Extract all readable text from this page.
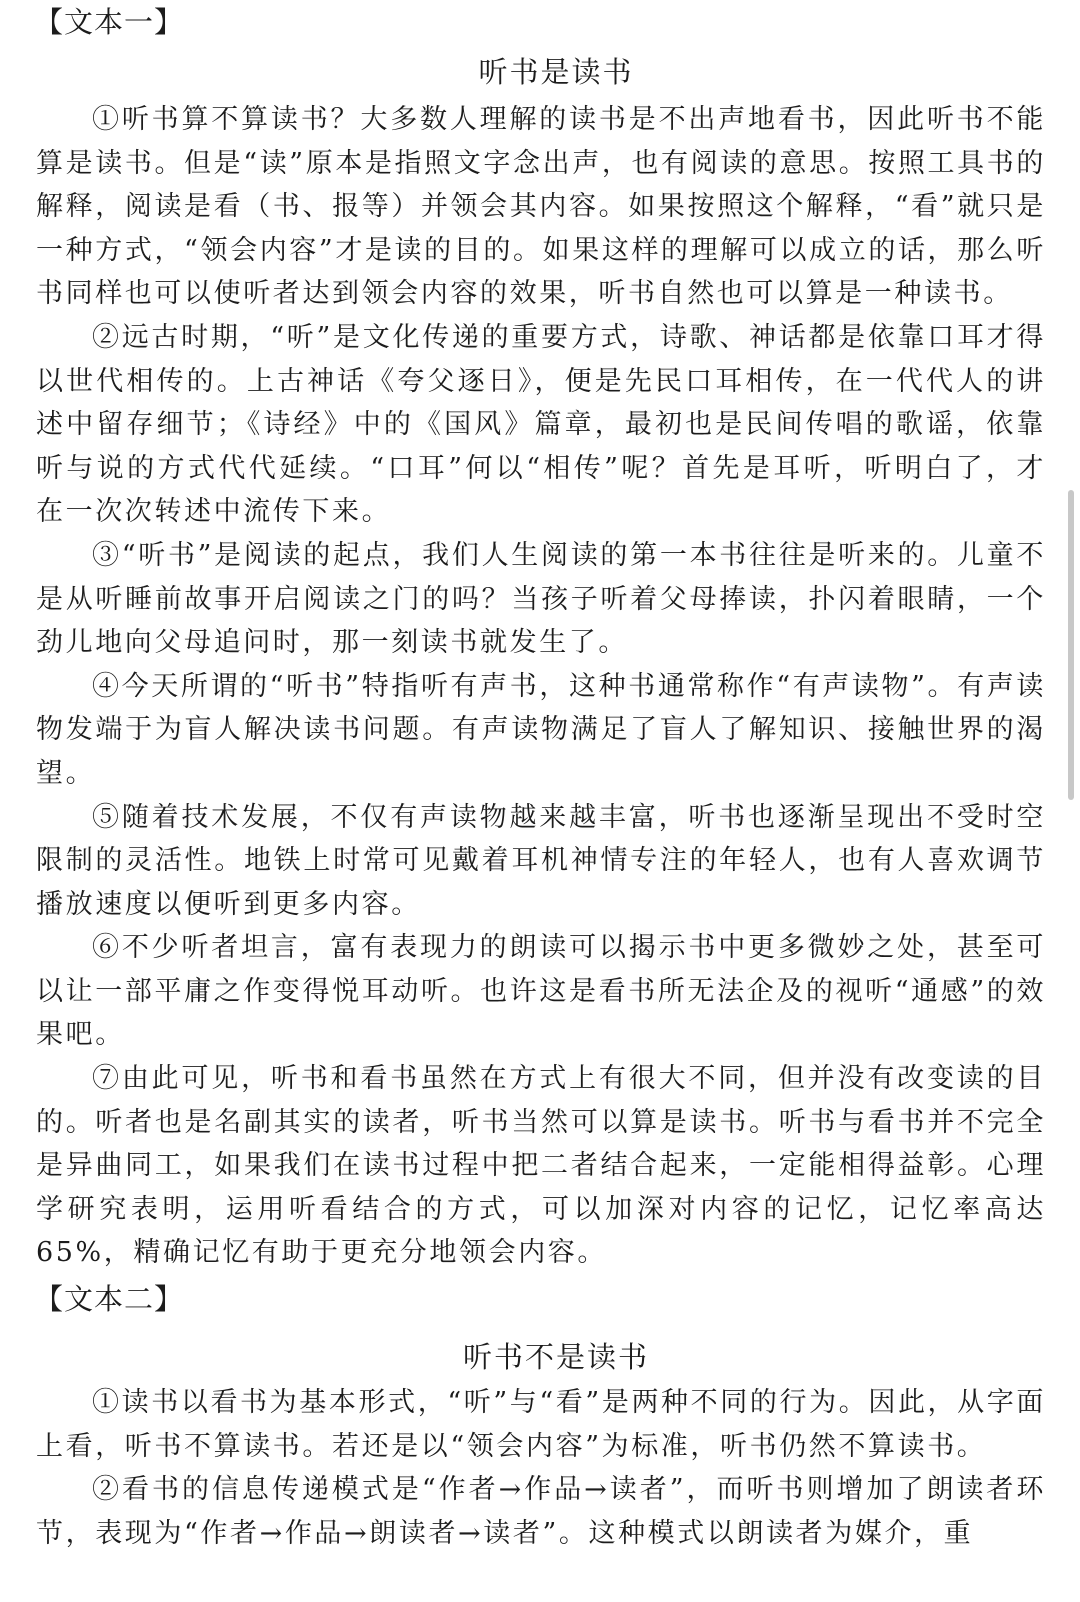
【文本一】
听书是读书

①听书算不算读书？大多数人理解的读书是不出声地看书，因此听书不能算是读书。但是“读”原本是指照文字念出声，也有阅读的意思。按照工具书的解释，阅读是看（书、报等）并领会其内容。如果按照这个解释，“看”就只是一种方式，“领会内容”才是读的目的。如果这样的理解可以成立的话，那么听书同样也可以使听者达到领会内容的效果，听书自然也可以算是一种读书。

②远古时期，“听”是文化传递的重要方式，诗歌、神话都是依靠口耳才得以世代相传的。上古神话《夸父逐日》，便是先民口耳相传，在一代代人的讲述中留存细节；《诗经》中的《国风》篇章，最初也是民间传唱的歌谣，依靠听与说的方式代代延续。“口耳”何以“相传”呢？首先是耳听，听明白了，才在一次次转述中流传下来。

③“听书”是阅读的起点，我们人生阅读的第一本书往往是听来的。儿童不是从听睡前故事开启阅读之门的吗？当孩子听着父母捧读，扑闪着眼睛，一个劲儿地向父母追问时，那一刻读书就发生了。

④今天所谓的“听书”特指听有声书，这种书通常称作“有声读物”。有声读物发端于为盲人解决读书问题。有声读物满足了盲人了解知识、接触世界的渴望。

⑤随着技术发展，不仅有声读物越来越丰富，听书也逐渐呈现出不受时空限制的灵活性。地铁上时常可见戴着耳机神情专注的年轻人，也有人喜欢调节播放速度以便听到更多内容。

⑥不少听者坦言，富有表现力的朗读可以揭示书中更多微妙之处，甚至可以让一部平庸之作变得悦耳动听。也许这是看书所无法企及的视听“通感”的效果吧。

⑦由此可见，听书和看书虽然在方式上有很大不同，但并没有改变读的目的。听者也是名副其实的读者，听书当然可以算是读书。听书与看书并不完全是异曲同工，如果我们在读书过程中把二者结合起来，一定能相得益彰。心理学研究表明，运用听看结合的方式，可以加深对内容的记忆，记忆率高达65%，精确记忆有助于更充分地领会内容。

【文本二】
听书不是读书

①读书以看书为基本形式，“听”与“看”是两种不同的行为。因此，从字面上看，听书不算读书。若还是以“领会内容”为标准，听书仍然不算读书。

②看书的信息传递模式是“作者→作品→读者”，而听书则增加了朗读者环节，表现为“作者→作品→朗读者→读者”。这种模式以朗读者为媒介，重
